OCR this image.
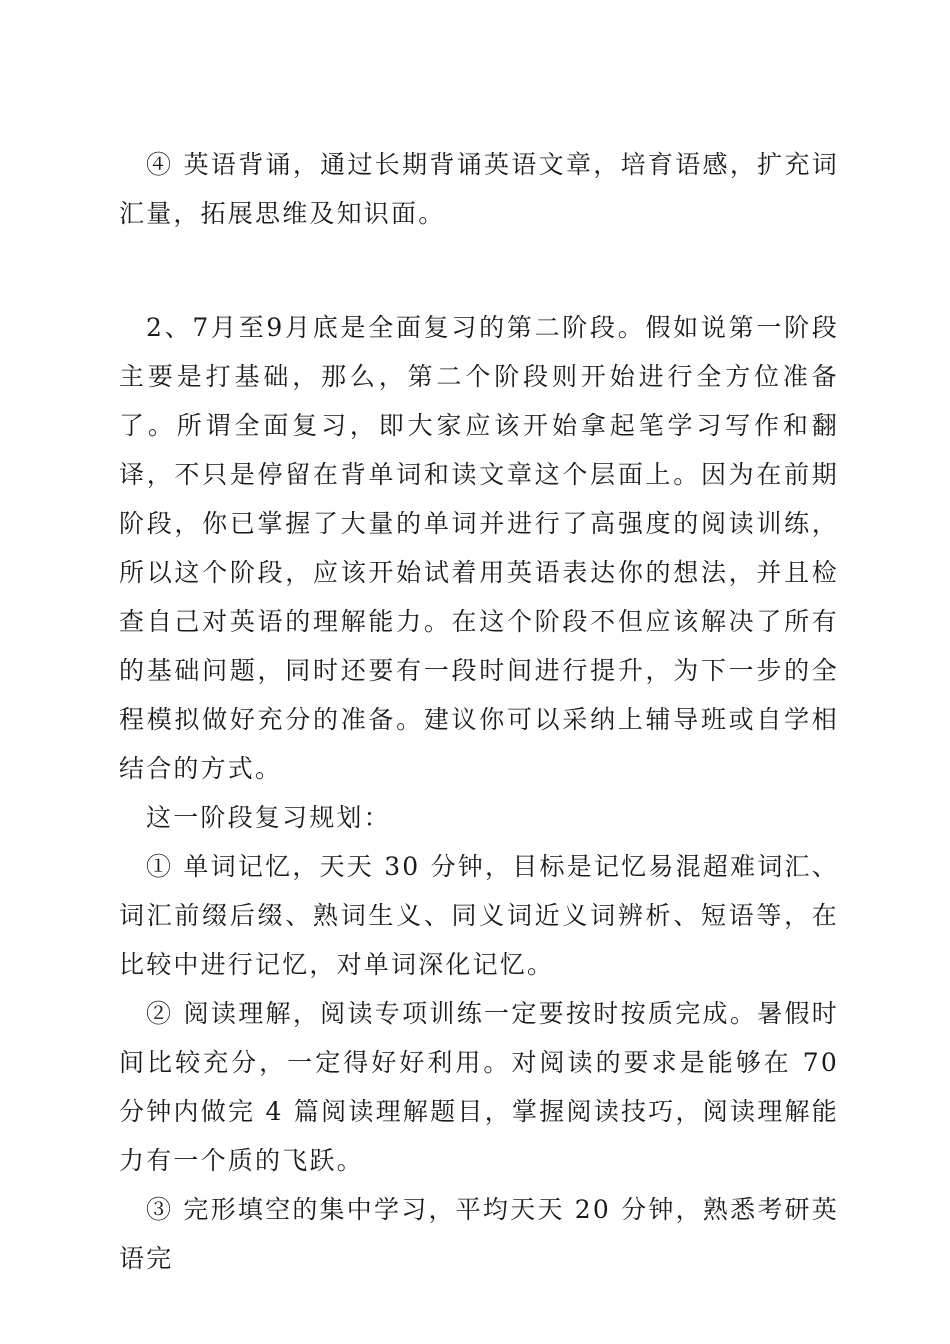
④ 英语背诵，通过长期背诵英语文章，培育语感，扩充词汇量，拓展思维及知识面。

2、7月至9月底是全面复习的第二阶段。假如说第一阶段主要是打基础，那么，第二个阶段则开始进行全方位准备了。所谓全面复习，即大家应该开始拿起笔学习写作和翻译，不只是停留在背单词和读文章这个层面上。因为在前期阶段，你已掌握了大量的单词并进行了高强度的阅读训练，所以这个阶段，应该开始试着用英语表达你的想法，并且检查自己对英语的理解能力。在这个阶段不但应该解决了所有的基础问题，同时还要有一段时间进行提升，为下一步的全程模拟做好充分的准备。建议你可以采纳上辅导班或自学相结合的方式。

这一阶段复习规划：

① 单词记忆，天天 30 分钟，目标是记忆易混超难词汇、词汇前缀后缀、熟词生义、同义词近义词辨析、短语等，在比较中进行记忆，对单词深化记忆。

② 阅读理解，阅读专项训练一定要按时按质完成。暑假时间比较充分，一定得好好利用。对阅读的要求是能够在 70 分钟内做完 4 篇阅读理解题目，掌握阅读技巧，阅读理解能力有一个质的飞跃。

③ 完形填空的集中学习，平均天天 20 分钟，熟悉考研英语完
